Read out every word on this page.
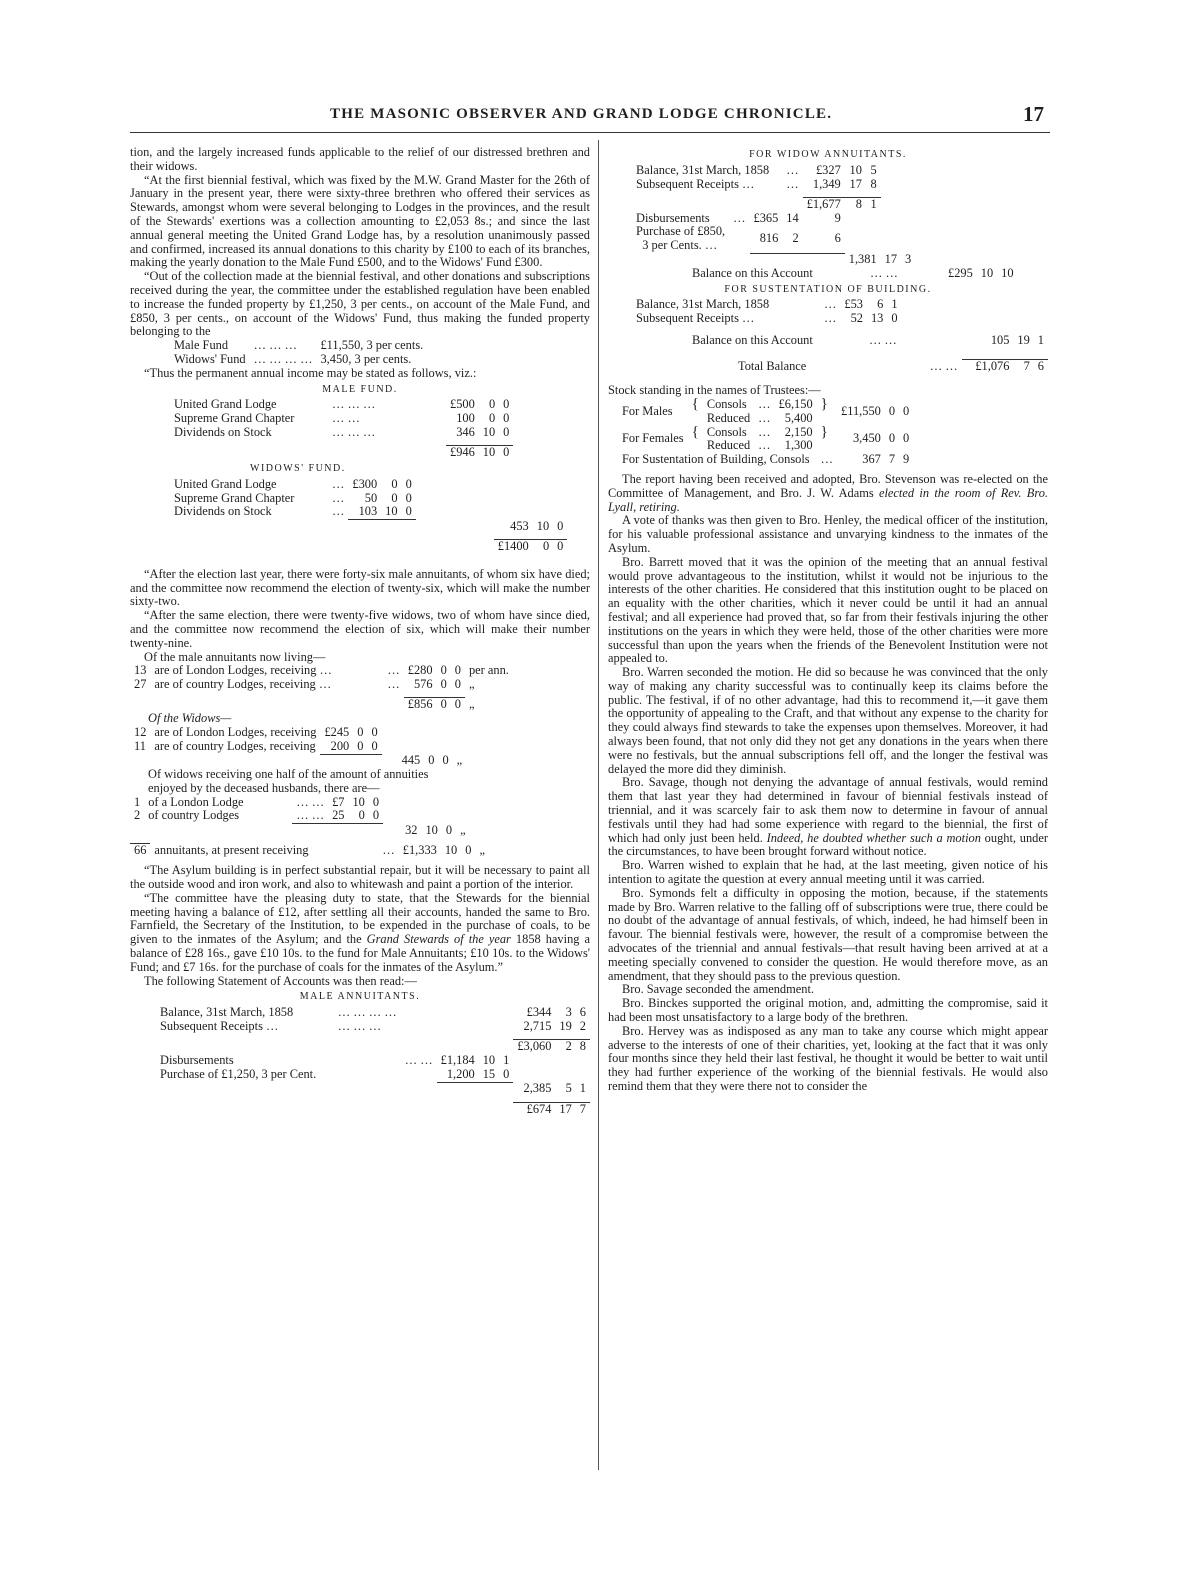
THE MASONIC OBSERVER AND GRAND LODGE CHRONICLE.	17

tion, and the largely increased funds applicable to the relief of our distressed brethren and their widows.

“At the first biennial festival, which was fixed by the M.W. Grand Master for the 26th of January in the present year, there were sixty-three brethren who offered their services as Stewards, amongst whom were several belonging to Lodges in the provinces, and the result of the Stewards' exertions was a collection amounting to £2,053 8s.; and since the last annual general meeting the United Grand Lodge has, by a resolution unanimously passed and confirmed, increased its annual donations to this charity by £100 to each of its branches, making the yearly donation to the Male Fund £500, and to the Widows' Fund £300.

“Out of the collection made at the biennial festival, and other donations and subscriptions received during the year, the committee under the established regulation have been enabled to increase the funded property by £1,250, 3 per cents., on account of the Male Fund, and £850, 3 per cents., on account of the Widows' Fund, thus making the funded property belonging to the

Male Fund	… … …	£11,550, 3 per cents.
Widows' Fund	… … … …	3,450, 3 per cents.

“Thus the permanent annual income may be stated as follows, viz.:

MALE FUND.
United Grand Lodge	… … …	£500	0	0
Supreme Grand Chapter	… …	100	0	0
Dividends on Stock	… … …	346	10	0

		£946	10	0
WIDOWS' FUND.
United Grand Lodge	…	£300	0	0				
Supreme Grand Chapter	…	50	0	0				
Dividends on Stock	…	103	10	0				
						453	10	0

						£1400	0	0

“After the election last year, there were forty-six male annuitants, of whom six have died; and the committee now recommend the election of twenty-six, which will make the number sixty-two.

“After the same election, there were twenty-five widows, two of whom have since died, and the committee now recommend the election of six, which will make their number twenty-nine.

Of the male annuitants now living—

13	are of London Lodges, receiving …	…	£280	0	0	per ann.
27	are of country Lodges, receiving …	…	576	0	0	„

			£856	0	0	„

Of the Widows—

12	are of London Lodges, receiving	£245	0	0					
11	are of country Lodges, receiving	200	0	0					
						445	0	0	„

Of widows receiving one half of the amount of annuities enjoyed by the deceased husbands, there are—

1	of a London Lodge	… …	£7	10	0					
2	of country Lodges	… …	25	0	0					
							32	10	0	„
66	annuitants, at present receiving	…	£1,333	10	0	„

“The Asylum building is in perfect substantial repair, but it will be necessary to paint all the outside wood and iron work, and also to whitewash and paint a portion of the interior.

“The committee have the pleasing duty to state, that the Stewards for the biennial meeting having a balance of £12, after settling all their accounts, handed the same to Bro. Farnfield, the Secretary of the Institution, to be expended in the purchase of coals, to be given to the inmates of the Asylum; and the Grand Stewards of the year 1858 having a balance of £28 16s., gave £10 10s. to the fund for Male Annuitants; £10 10s. to the Widows' Fund; and £7 16s. for the purchase of coals for the inmates of the Asylum.”

The following Statement of Accounts was then read:—

MALE ANNUITANTS.
Balance, 31st March, 1858	… … … …				£344	3	6
Subsequent Receipts …	… … …				2,715	19	2

					£3,060	2	8
Disbursements	… …	£1,184	10	1			
Purchase of £1,250, 3 per Cent.		1,200	15	0			
					2,385	5	1

					£674	17	7
FOR WIDOW ANNUITANTS.
Balance, 31st March, 1858			…	£327	10	5			
Subsequent Receipts …			…	1,349	17	8			

				£1,677	8	1			
Disbursements	…	£365	14	9					
Purchase of £850,
3 per Cents. …		816	2	6					
					1,381		17	3	
Balance on this Account	… …	£295	10	10
FOR SUSTENTATION OF BUILDING.
Balance, 31st March, 1858	…	£53	6	1
Subsequent Receipts …	…	52	13	0
Balance on this Account	… …	105	19	1

Total Balance	… …	£1,076	7	6

Stock standing in the names of Trustees:—

For Males	{	Consols	…	£6,150	}	£11,550	0	0
		Reduced	…	5,400				
For Females	{	Consols	…	2,150	}	3,450	0	0
		Reduced	…	1,300				
For Sustentation of Building, Consols					…	367	7	9

The report having been received and adopted, Bro. Stevenson was re-elected on the Committee of Management, and Bro. J. W. Adams elected in the room of Rev. Bro. Lyall, retiring.

A vote of thanks was then given to Bro. Henley, the medical officer of the institution, for his valuable professional assistance and unvarying kindness to the inmates of the Asylum.

Bro. Barrett moved that it was the opinion of the meeting that an annual festival would prove advantageous to the institution, whilst it would not be injurious to the interests of the other charities. He considered that this institution ought to be placed on an equality with the other charities, which it never could be until it had an annual festival; and all experience had proved that, so far from their festivals injuring the other institutions on the years in which they were held, those of the other charities were more successful than upon the years when the friends of the Benevolent Institution were not appealed to.

Bro. Warren seconded the motion. He did so because he was convinced that the only way of making any charity successful was to continually keep its claims before the public. The festival, if of no other advantage, had this to recommend it,—it gave them the opportunity of appealing to the Craft, and that without any expense to the charity for they could always find stewards to take the expenses upon themselves. Moreover, it had always been found, that not only did they not get any donations in the years when there were no festivals, but the annual subscriptions fell off, and the longer the festival was delayed the more did they diminish.

Bro. Savage, though not denying the advantage of annual festivals, would remind them that last year they had determined in favour of biennial festivals instead of triennial, and it was scarcely fair to ask them now to determine in favour of annual festivals until they had had some experience with regard to the biennial, the first of which had only just been held. Indeed, he doubted whether such a motion ought, under the circumstances, to have been brought forward without notice.

Bro. Warren wished to explain that he had, at the last meeting, given notice of his intention to agitate the question at every annual meeting until it was carried.

Bro. Symonds felt a difficulty in opposing the motion, because, if the statements made by Bro. Warren relative to the falling off of subscriptions were true, there could be no doubt of the advantage of annual festivals, of which, indeed, he had himself been in favour. The biennial festivals were, however, the result of a compromise between the advocates of the triennial and annual festivals—that result having been arrived at at a meeting specially convened to consider the question. He would therefore move, as an amendment, that they should pass to the previous question.

Bro. Savage seconded the amendment.

Bro. Binckes supported the original motion, and, admitting the compromise, said it had been most unsatisfactory to a large body of the brethren.

Bro. Hervey was as indisposed as any man to take any course which might appear adverse to the interests of one of their charities, yet, looking at the fact that it was only four months since they held their last festival, he thought it would be better to wait until they had further experience of the working of the biennial festivals. He would also remind them that they were there not to consider the
